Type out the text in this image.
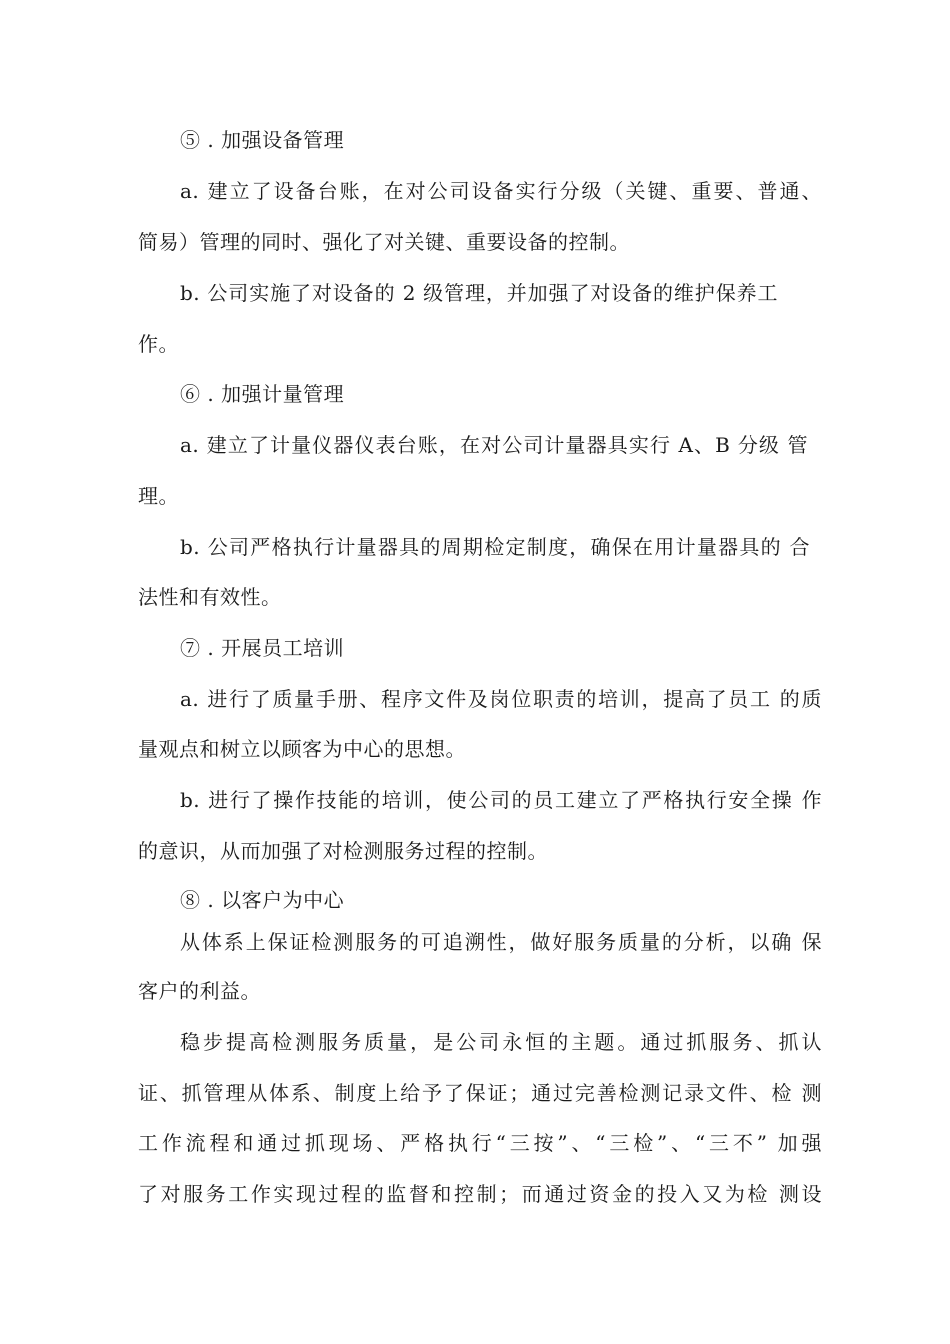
⑤ . 加强设备管理
a. 建立了设备台账，在对公司设备实行分级（关键、重要、普通、
简易）管理的同时、强化了对关键、重要设备的控制。
b. 公司实施了对设备的 2 级管理，并加强了对设备的维护保养工
作。
⑥ . 加强计量管理
a. 建立了计量仪器仪表台账，在对公司计量器具实行 A、B 分级 管
理。
b. 公司严格执行计量器具的周期检定制度，确保在用计量器具的 合
法性和有效性。
⑦ . 开展员工培训
a. 进行了质量手册、程序文件及岗位职责的培训，提高了员工 的质
量观点和树立以顾客为中心的思想。
b. 进行了操作技能的培训，使公司的员工建立了严格执行安全操 作
的意识，从而加强了对检测服务过程的控制。
⑧ . 以客户为中心
从体系上保证检测服务的可追溯性，做好服务质量的分析，以确 保
客户的利益。
稳步提高检测服务质量，是公司永恒的主题。通过抓服务、抓认
证、抓管理从体系、制度上给予了保证；通过完善检测记录文件、检 测
工作流程和通过抓现场、严格执行“三按”、“三检”、“三不” 加强
了对服务工作实现过程的监督和控制；而通过资金的投入又为检 测设
